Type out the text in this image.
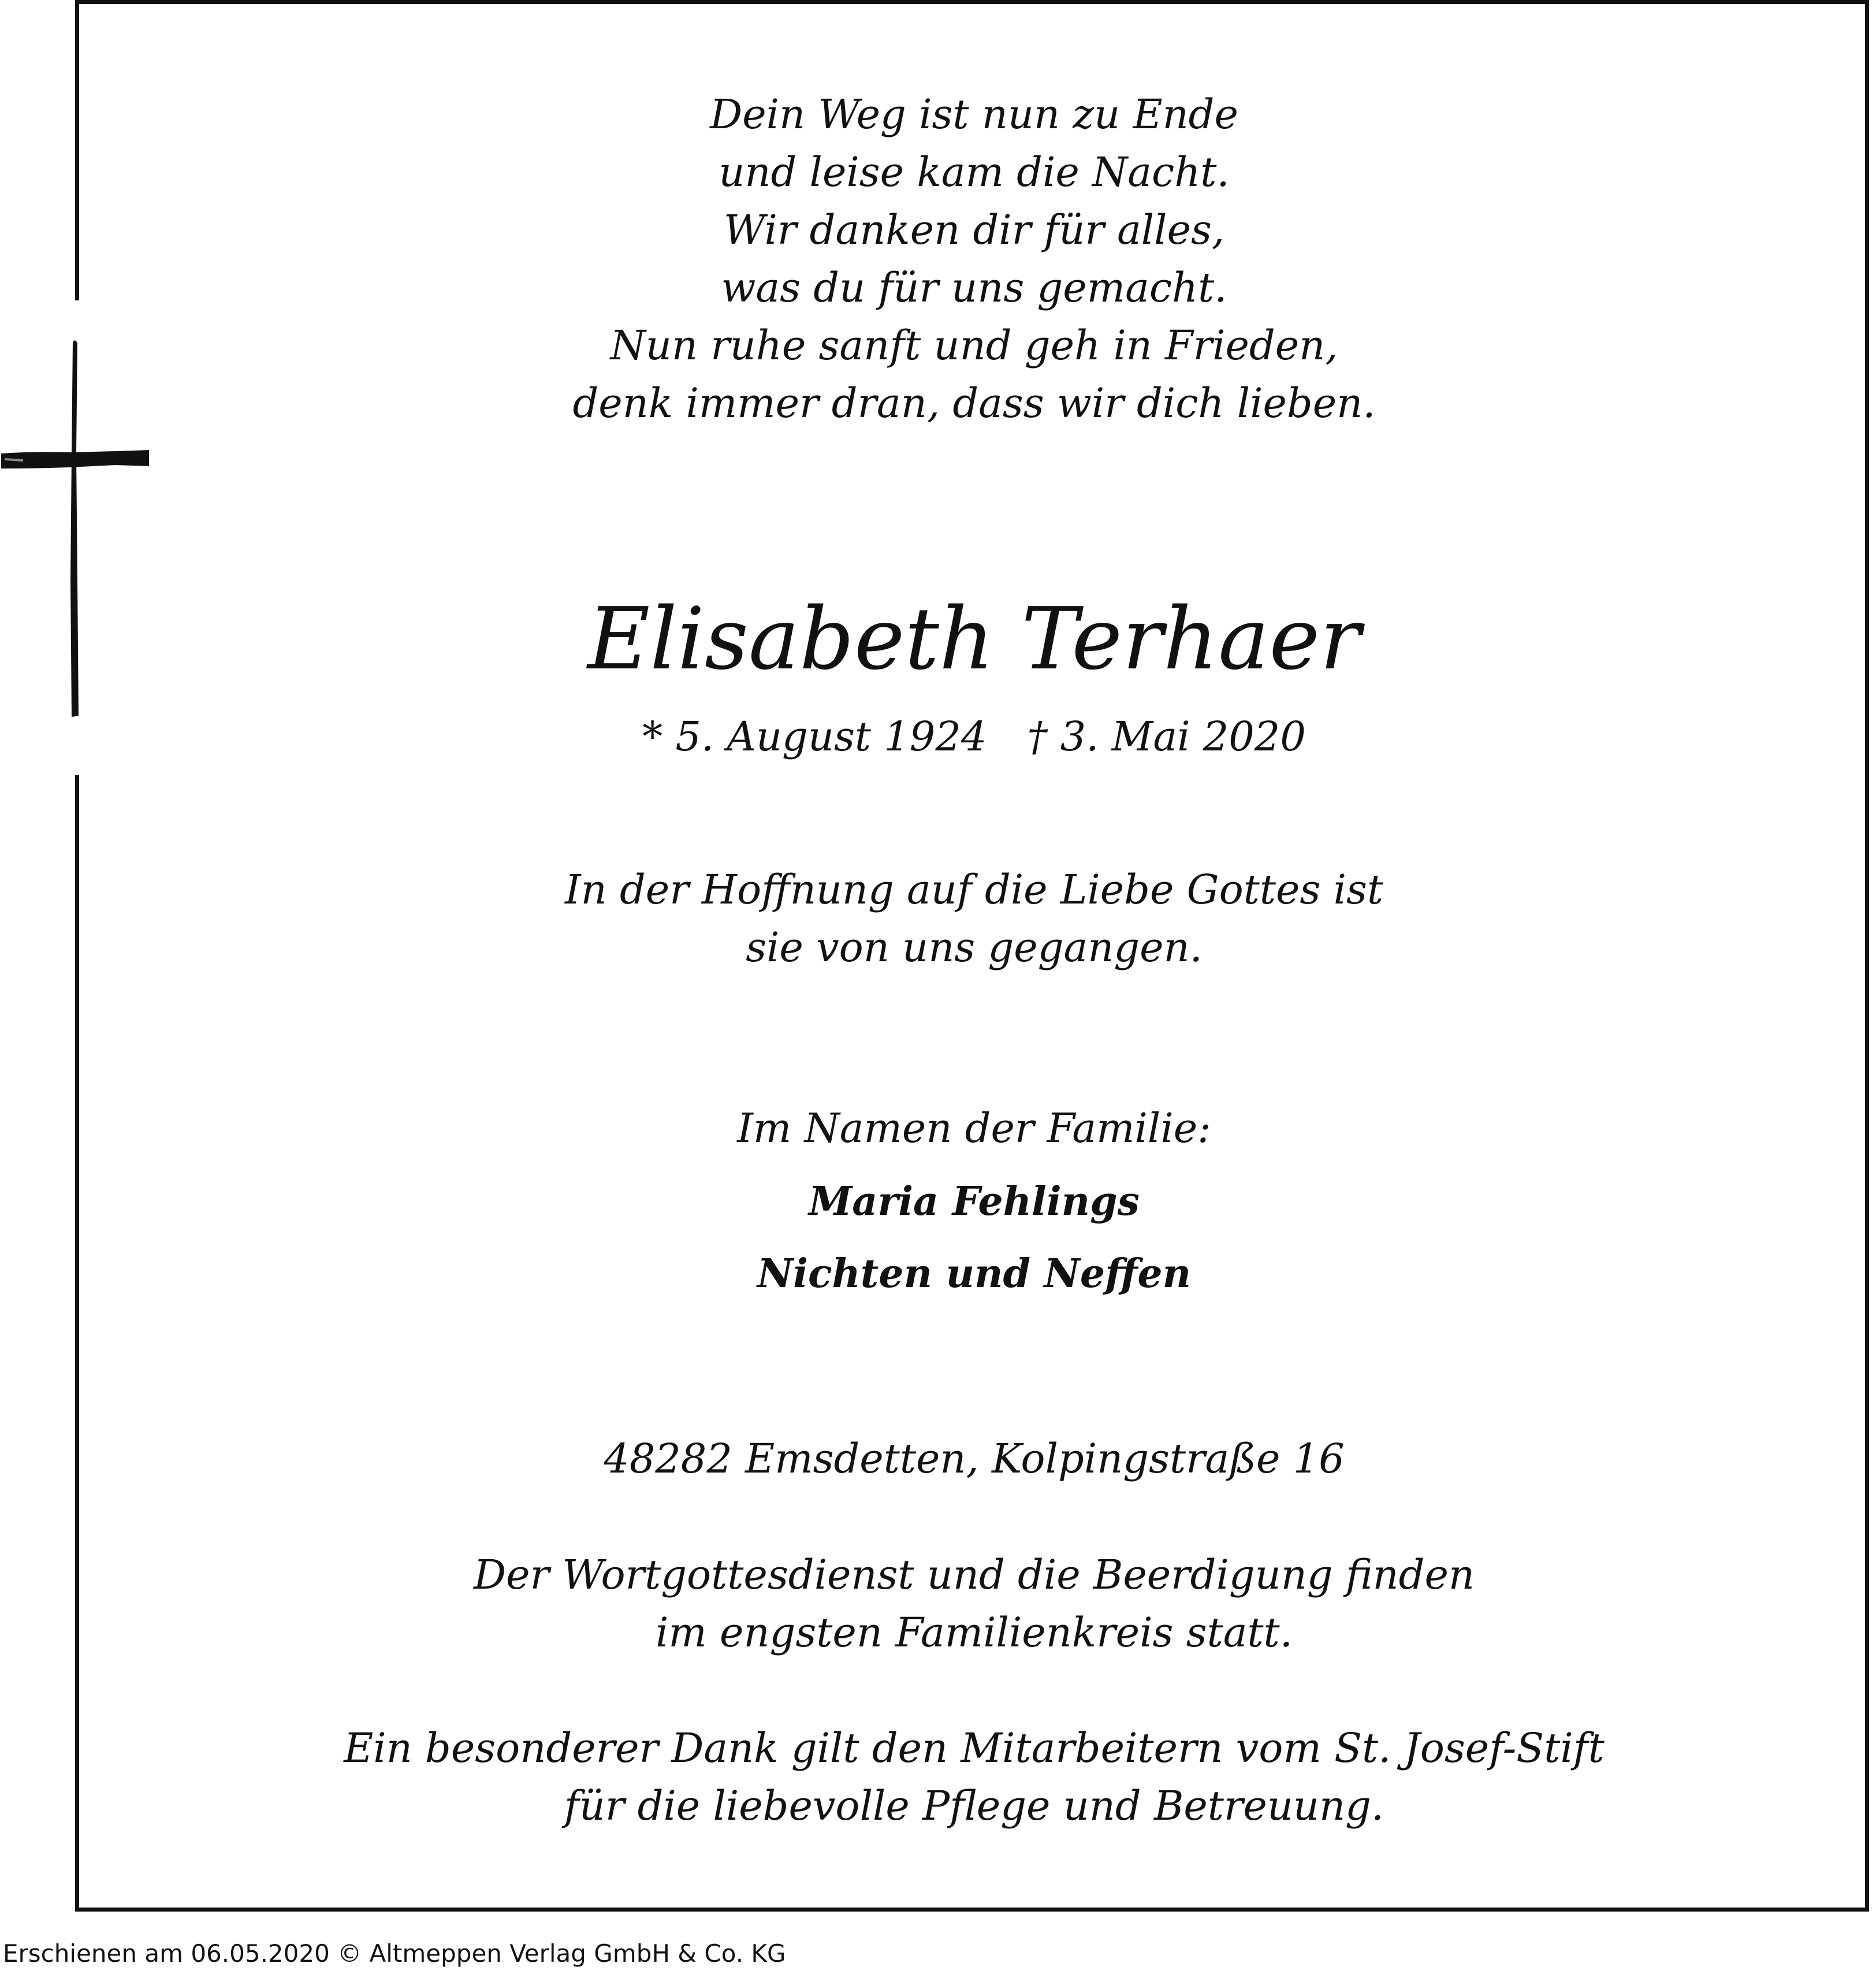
Dein Weg ist nun zu Ende

und leise kam die Nacht.

Wir danken dir für alles,

was du für uns gemacht.

Nun ruhe sanft und geh in Frieden,

denk immer dran, dass wir dich lieben.

Elisabeth Terhaer

* 5. August 1924 † 3. Mai 2020

In der Hoffnung auf die Liebe Gottes ist

sie von uns gegangen.

Im Namen der Familie:

Maria Fehlings

Nichten und Neffen

48282 Emsdetten, Kolpingstraße 16

Der Wortgottesdienst und die Beerdigung finden

im engsten Familienkreis statt.

Ein besonderer Dank gilt den Mitarbeitern vom St. Josef-Stift

für die liebevolle Pflege und Betreuung.

Erschienen am 06.05.2020 © Altmeppen Verlag GmbH & Co. KG
